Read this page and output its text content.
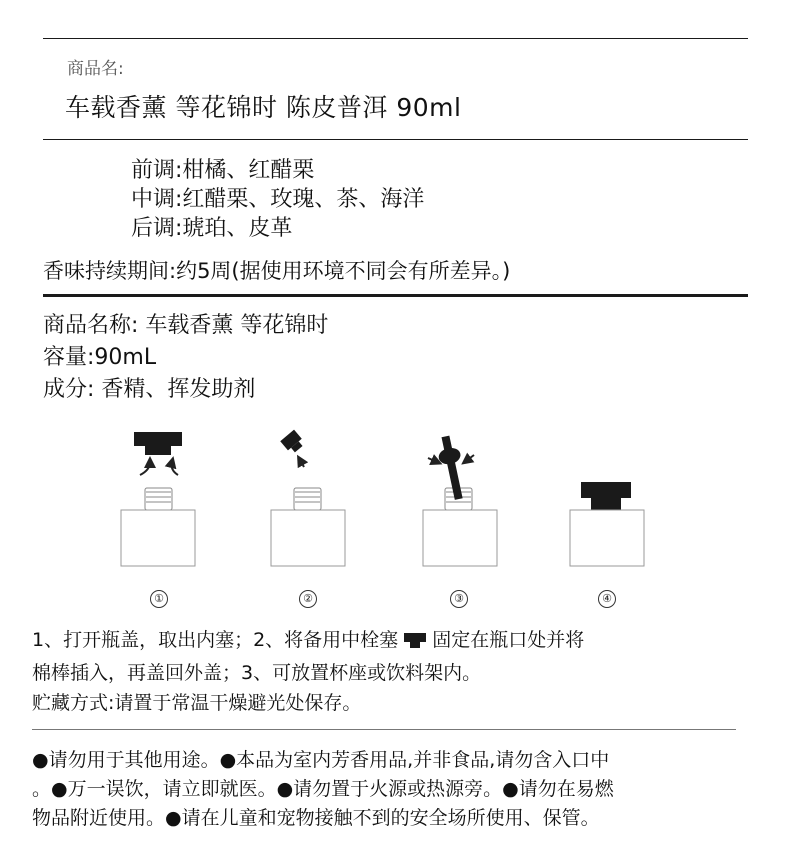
商品名:
车载香薰 等花锦时 陈皮普洱 90ml
前调:柑橘、红醋栗
中调:红醋栗、玫瑰、茶、海洋
后调:琥珀、皮革
香味持续期间:约5周(据使用环境不同会有所差异。)
商品名称: 车载香薰 等花锦时
容量:90mL
成分: 香精、挥发助剂
①	②	③	④
1、打开瓶盖，取出内塞；2、将备用中栓塞 固定在瓶口处并将
棉棒插入，再盖回外盖；3、可放置杯座或饮料架内。
贮藏方式:请置于常温干燥避光处保存。
●请勿用于其他用途。●本品为室内芳香用品,并非食品,请勿含入口中
。●万一误饮，请立即就医。●请勿置于火源或热源旁。●请勿在易燃
物品附近使用。●请在儿童和宠物接触不到的安全场所使用、保管。
